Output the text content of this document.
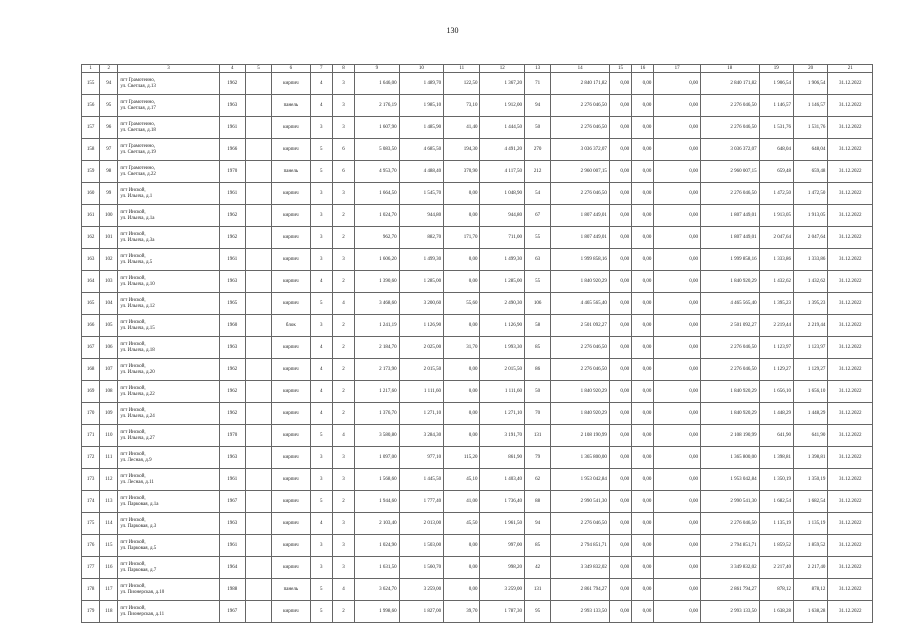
130
1	2	3	4	5	6	7	8	9	10	11	12	13	14	15	16	17	18	19	20	21
155	94	пгт Грамотеино,
ул. Светлая, д.13	1962		кирпич	4	3	1 646,00	1 489,70	122,50	1 367,20	71	2 840 171,82	0,00	0,00	0,00	2 840 171,82	1 906,54	1 906,54	31.12.2022
156	95	пгт Грамотеино,
ул. Светлая, д.17	1963		панель	4	3	2 176,19	1 985,10	73,10	1 912,00	94	2 276 046,50	0,00	0,00	0,00	2 276 046,50	1 146,57	1 146,57	31.12.2022
157	96	пгт Грамотеино,
ул. Светлая, д.18	1961		кирпич	3	3	1 607,90	1 485,90	41,40	1 444,50	50	2 276 046,50	0,00	0,00	0,00	2 276 046,50	1 531,76	1 531,76	31.12.2022
158	97	пгт Грамотеино,
ул. Светлая, д.19	1966		кирпич	5	6	5 083,50	4 685,50	194,30	4 491,20	270	3 036 372,07	0,00	0,00	0,00	3 036 372,07	648,04	648,04	31.12.2022
159	98	пгт Грамотеино,
ул. Светлая, д.22	1970		панель	5	6	4 953,70	4 488,40	370,90	4 117,50	212	2 960 007,15	0,00	0,00	0,00	2 960 007,15	659,48	659,48	31.12.2022
160	99	пгт Инской,
ул. Ильича, д.1	1961		кирпич	3	3	1 664,50	1 545,70	0,00	1 048,90	54	2 276 046,50	0,00	0,00	0,00	2 276 046,50	1 472,50	1 472,50	31.12.2022
161	100	пгт Инской,
ул. Ильича, д.1а	1962		кирпич	3	2	1 024,70	944,80	0,00	944,80	67	1 807 449,01	0,00	0,00	0,00	1 807 449,01	1 913,05	1 913,05	31.12.2022
162	101	пгт Инской,
ул. Ильича, д.3а	1962		кирпич	3	2	962,70	882,70	171,70	711,00	55	1 807 449,01	0,00	0,00	0,00	1 807 449,01	2 047,64	2 047,64	31.12.2022
163	102	пгт Инской,
ул. Ильича, д.5	1961		кирпич	3	3	1 606,20	1 499,30	0,00	1 499,30	63	1 999 858,16	0,00	0,00	0,00	1 999 858,16	1 333,86	1 333,86	31.12.2022
164	103	пгт Инской,
ул. Ильича, д.10	1963		кирпич	4	2	1 390,60	1 285,00	0,00	1 285,00	55	1 840 920,29	0,00	0,00	0,00	1 840 920,29	1 432,62	1 432,62	31.12.2022
165	104	пгт Инской,
ул. Ильича, д.12	1965		кирпич	5	4	3 468,60	3 200,60	55,60	2 490,30	106	4 465 565,40	0,00	0,00	0,00	4 465 565,40	1 395,23	1 395,23	31.12.2022
166	105	пгт Инской,
ул. Ильича, д.15	1960		блок	3	2	1 241,19	1 126,90	0,00	1 126,90	58	2 501 092,27	0,00	0,00	0,00	2 501 092,27	2 219,44	2 219,44	31.12.2022
167	106	пгт Инской,
ул. Ильича, д.18	1963		кирпич	4	2	2 184,70	2 025,00	31,70	1 993,30	85	2 276 046,50	0,00	0,00	0,00	2 276 046,50	1 123,97	1 123,97	31.12.2022
168	107	пгт Инской,
ул. Ильича, д.20	1962		кирпич	4	2	2 173,90	2 015,50	0,00	2 015,50	86	2 276 046,50	0,00	0,00	0,00	2 276 046,50	1 129,27	1 129,27	31.12.2022
169	108	пгт Инской,
ул. Ильича, д.22	1962		кирпич	4	2	1 217,60	1 111,60	0,00	1 111,60	50	1 840 920,29	0,00	0,00	0,00	1 840 920,29	1 656,10	1 656,10	31.12.2022
170	109	пгт Инской,
ул. Ильича, д.24	1962		кирпич	4	2	1 376,70	1 271,10	0,00	1 271,10	70	1 840 920,29	0,00	0,00	0,00	1 840 920,29	1 448,29	1 448,29	31.12.2022
171	110	пгт Инской,
ул. Ильича, д.27	1970		кирпич	5	4	3 580,80	3 284,30	0,00	3 191,70	131	2 108 190,99	0,00	0,00	0,00	2 108 190,99	641,90	641,90	31.12.2022
172	111	пгт Инской,
ул. Лесная, д.9	1963		кирпич	3	3	1 097,00	977,10	115,20	861,90	79	1 365 800,00	0,00	0,00	0,00	1 365 800,00	1 398,81	1 398,81	31.12.2022
173	112	пгт Инской,
ул. Лесная, д.11	1961		кирпич	3	3	1 568,60	1 445,50	45,10	1 403,40	62	1 953 042,84	0,00	0,00	0,00	1 953 042,84	1 350,19	1 350,19	31.12.2022
174	113	пгт Инской,
ул. Парковая, д.1а	1967		кирпич	5	2	1 944,60	1 777,40	41,00	1 736,40	88	2 990 541,30	0,00	0,00	0,00	2 990 541,30	1 682,54	1 682,54	31.12.2022
175	114	пгт Инской,
ул. Парковая, д.3	1963		кирпич	4	3	2 103,40	2 013,00	45,50	1 961,50	94	2 276 046,50	0,00	0,00	0,00	2 276 046,50	1 135,19	1 135,19	31.12.2022
176	115	пгт Инской,
ул. Парковая, д.5	1961		кирпич	3	3	1 024,90	1 503,00	0,00	997,00	85	2 794 851,71	0,00	0,00	0,00	2 794 851,71	1 859,52	1 859,52	31.12.2022
177	116	пгт Инской,
ул. Парковая, д.7	1964		кирпич	3	3	1 631,50	1 560,70	0,00	998,20	42	3 349 832,02	0,00	0,00	0,00	3 349 832,02	2 217,40	2 217,40	31.12.2022
178	117	пгт Инской,
ул. Пионерская, д.10	1988		панель	5	4	3 624,70	3 259,00	0,00	3 259,00	131	2 861 794,27	0,00	0,00	0,00	2 861 794,27	878,12	878,12	31.12.2022
179	118	пгт Инской,
ул. Пионерская, д.11	1967		кирпич	5	2	1 998,60	1 827,00	39,70	1 787,30	95	2 993 133,50	0,00	0,00	0,00	2 993 133,50	1 638,28	1 638,28	31.12.2022
